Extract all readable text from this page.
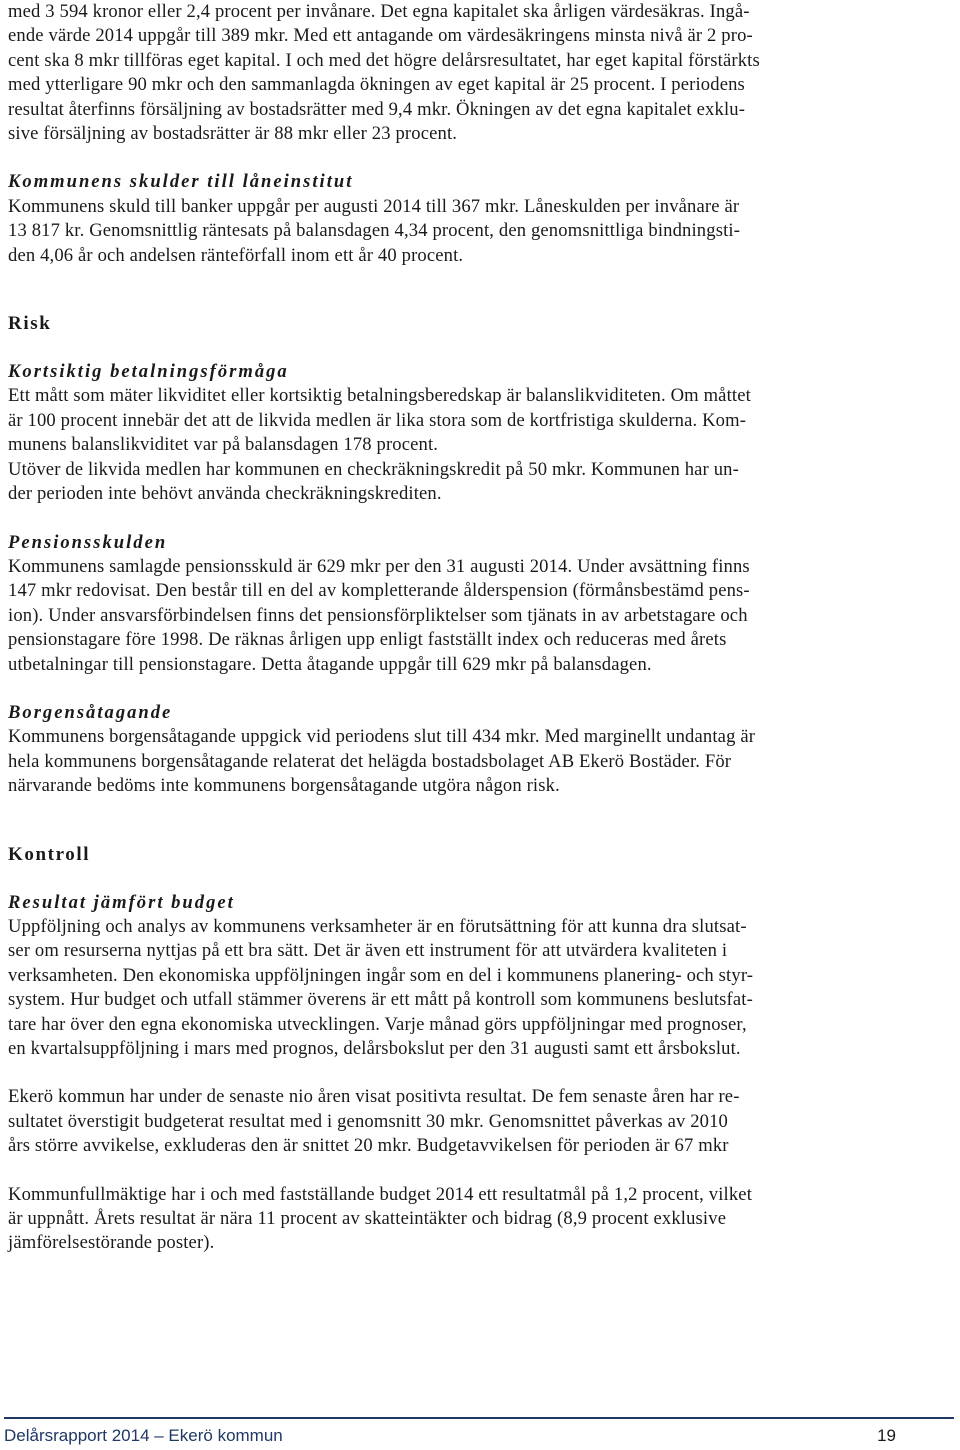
med 3 594 kronor eller 2,4 procent per invånare. Det egna kapitalet ska årligen värdesäkras. Ingå-

ende värde 2014 uppgår till 389 mkr. Med ett antagande om värdesäkringens minsta nivå är 2 pro-

cent ska 8 mkr tillföras eget kapital. I och med det högre delårsresultatet, har eget kapital förstärkts

med ytterligare 90 mkr och den sammanlagda ökningen av eget kapital är 25 procent. I periodens

resultat återfinns försäljning av bostadsrätter med 9,4 mkr. Ökningen av det egna kapitalet exklu-

sive försäljning av bostadsrätter är 88 mkr eller 23 procent.

Kommunens skulder till låneinstitut

Kommunens skuld till banker uppgår per augusti 2014 till 367 mkr. Låneskulden per invånare är

13 817 kr. Genomsnittlig räntesats på balansdagen 4,34 procent, den genomsnittliga bindningsti-

den 4,06 år och andelsen ränteförfall inom ett år 40 procent.

Risk

Kortsiktig betalningsförmåga

Ett mått som mäter likviditet eller kortsiktig betalningsberedskap är balanslikviditeten. Om måttet

är 100 procent innebär det att de likvida medlen är lika stora som de kortfristiga skulderna. Kom-

munens balanslikviditet var på balansdagen 178 procent.

Utöver de likvida medlen har kommunen en checkräkningskredit på 50 mkr. Kommunen har un-

der perioden inte behövt använda checkräkningskrediten.

Pensionsskulden

Kommunens samlagde pensionsskuld är 629 mkr per den 31 augusti 2014. Under avsättning finns

147 mkr redovisat. Den består till en del av kompletterande ålderspension (förmånsbestämd pens-

ion). Under ansvarsförbindelsen finns det pensionsförpliktelser som tjänats in av arbetstagare och

pensionstagare före 1998. De räknas årligen upp enligt fastställt index och reduceras med årets

utbetalningar till pensionstagare. Detta åtagande uppgår till 629 mkr på balansdagen.

Borgensåtagande

Kommunens borgensåtagande uppgick vid periodens slut till 434 mkr. Med marginellt undantag är

hela kommunens borgensåtagande relaterat det helägda bostadsbolaget AB Ekerö Bostäder. För

närvarande bedöms inte kommunens borgensåtagande utgöra någon risk.

Kontroll

Resultat jämfört budget

Uppföljning och analys av kommunens verksamheter är en förutsättning för att kunna dra slutsat-

ser om resurserna nyttjas på ett bra sätt. Det är även ett instrument för att utvärdera kvaliteten i

verksamheten. Den ekonomiska uppföljningen ingår som en del i kommunens planering- och styr-

system. Hur budget och utfall stämmer överens är ett mått på kontroll som kommunens beslutsfat-

tare har över den egna ekonomiska utvecklingen. Varje månad görs uppföljningar med prognoser,

en kvartalsuppföljning i mars med prognos, delårsbokslut per den 31 augusti samt ett årsbokslut.

Ekerö kommun har under de senaste nio åren visat positivta resultat. De fem senaste åren har re-

sultatet överstigit budgeterat resultat med i genomsnitt 30 mkr. Genomsnittet påverkas av 2010

års större avvikelse, exkluderas den är snittet 20 mkr. Budgetavvikelsen för perioden är 67 mkr

Kommunfullmäktige har i och med fastställande budget 2014 ett resultatmål på 1,2 procent, vilket

är uppnått. Årets resultat är nära 11 procent av skatteintäkter och bidrag (8,9 procent exklusive

jämförelsestörande poster).

Delårsrapport 2014 – Ekerö kommun	19
